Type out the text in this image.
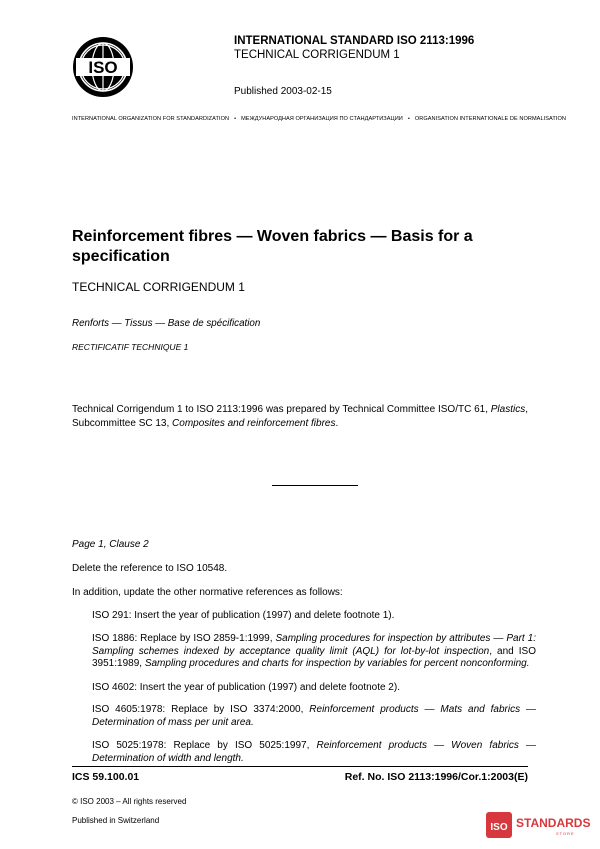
ISO
INTERNATIONAL STANDARD ISO 2113:1996
TECHNICAL CORRIGENDUM 1
Published 2003-02-15
INTERNATIONAL ORGANIZATION FOR STANDARDIZATION • МЕЖДУНАРОДНАЯ ОРГАНИЗАЦИЯ ПО СТАНДАРТИЗАЦИИ • ORGANISATION INTERNATIONALE DE NORMALISATION
Reinforcement fibres — Woven fabrics — Basis for a specification
TECHNICAL CORRIGENDUM 1
Renforts — Tissus — Base de spécification
RECTIFICATIF TECHNIQUE 1
Technical Corrigendum 1 to ISO 2113:1996 was prepared by Technical Committee ISO/TC 61, Plastics, Subcommittee SC 13, Composites and reinforcement fibres.
Page 1, Clause 2
Delete the reference to ISO 10548.
In addition, update the other normative references as follows:
ISO 291: Insert the year of publication (1997) and delete footnote 1).
ISO 1886: Replace by ISO 2859-1:1999, Sampling procedures for inspection by attributes — Part 1: Sampling schemes indexed by acceptance quality limit (AQL) for lot-by-lot inspection, and ISO 3951:1989, Sampling procedures and charts for inspection by variables for percent nonconforming.
ISO 4602: Insert the year of publication (1997) and delete footnote 2).
ISO 4605:1978: Replace by ISO 3374:2000, Reinforcement products — Mats and fabrics — Determination of mass per unit area.
ISO 5025:1978: Replace by ISO 5025:1997, Reinforcement products — Woven fabrics — Determination of width and length.
ICS 59.100.01	Ref. No. ISO 2113:1996/Cor.1:2003(E)
© ISO 2003 – All rights reserved
Published in Switzerland
ISO STANDARDS
STORE
